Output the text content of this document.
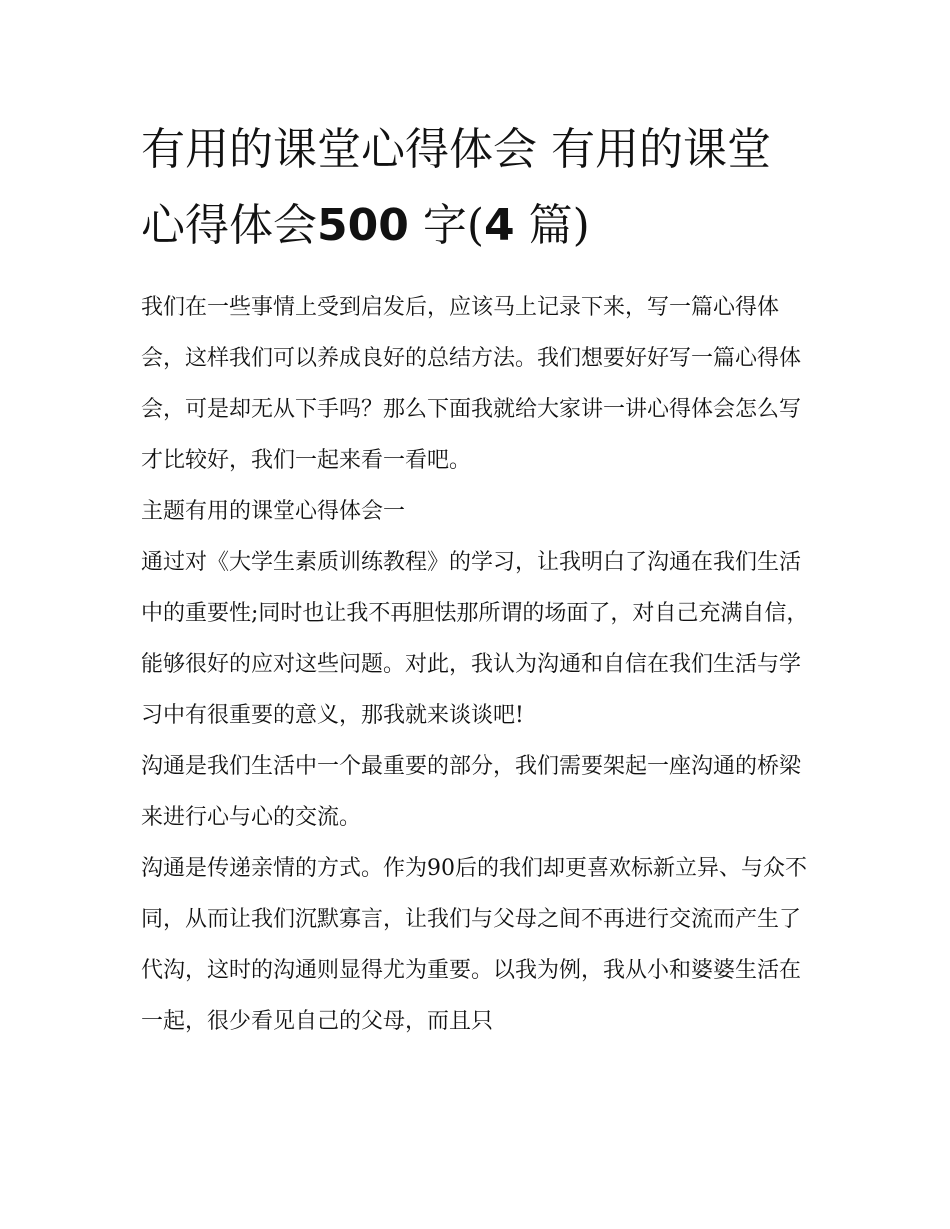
有用的课堂心得体会 有用的课堂心得体会500 字(4 篇)

我们在一些事情上受到启发后，应该马上记录下来，写一篇心得体会，这样我们可以养成良好的总结方法。我们想要好好写一篇心得体会，可是却无从下手吗？那么下面我就给大家讲一讲心得体会怎么写才比较好，我们一起来看一看吧。

主题有用的课堂心得体会一

通过对《大学生素质训练教程》的学习，让我明白了沟通在我们生活中的重要性;同时也让我不再胆怯那所谓的场面了，对自己充满自信，能够很好的应对这些问题。对此，我认为沟通和自信在我们生活与学习中有很重要的意义，那我就来谈谈吧!

沟通是我们生活中一个最重要的部分，我们需要架起一座沟通的桥梁来进行心与心的交流。

沟通是传递亲情的方式。作为90后的我们却更喜欢标新立异、与众不同，从而让我们沉默寡言，让我们与父母之间不再进行交流而产生了代沟，这时的沟通则显得尤为重要。以我为例，我从小和婆婆生活在一起，很少看见自己的父母，而且只
